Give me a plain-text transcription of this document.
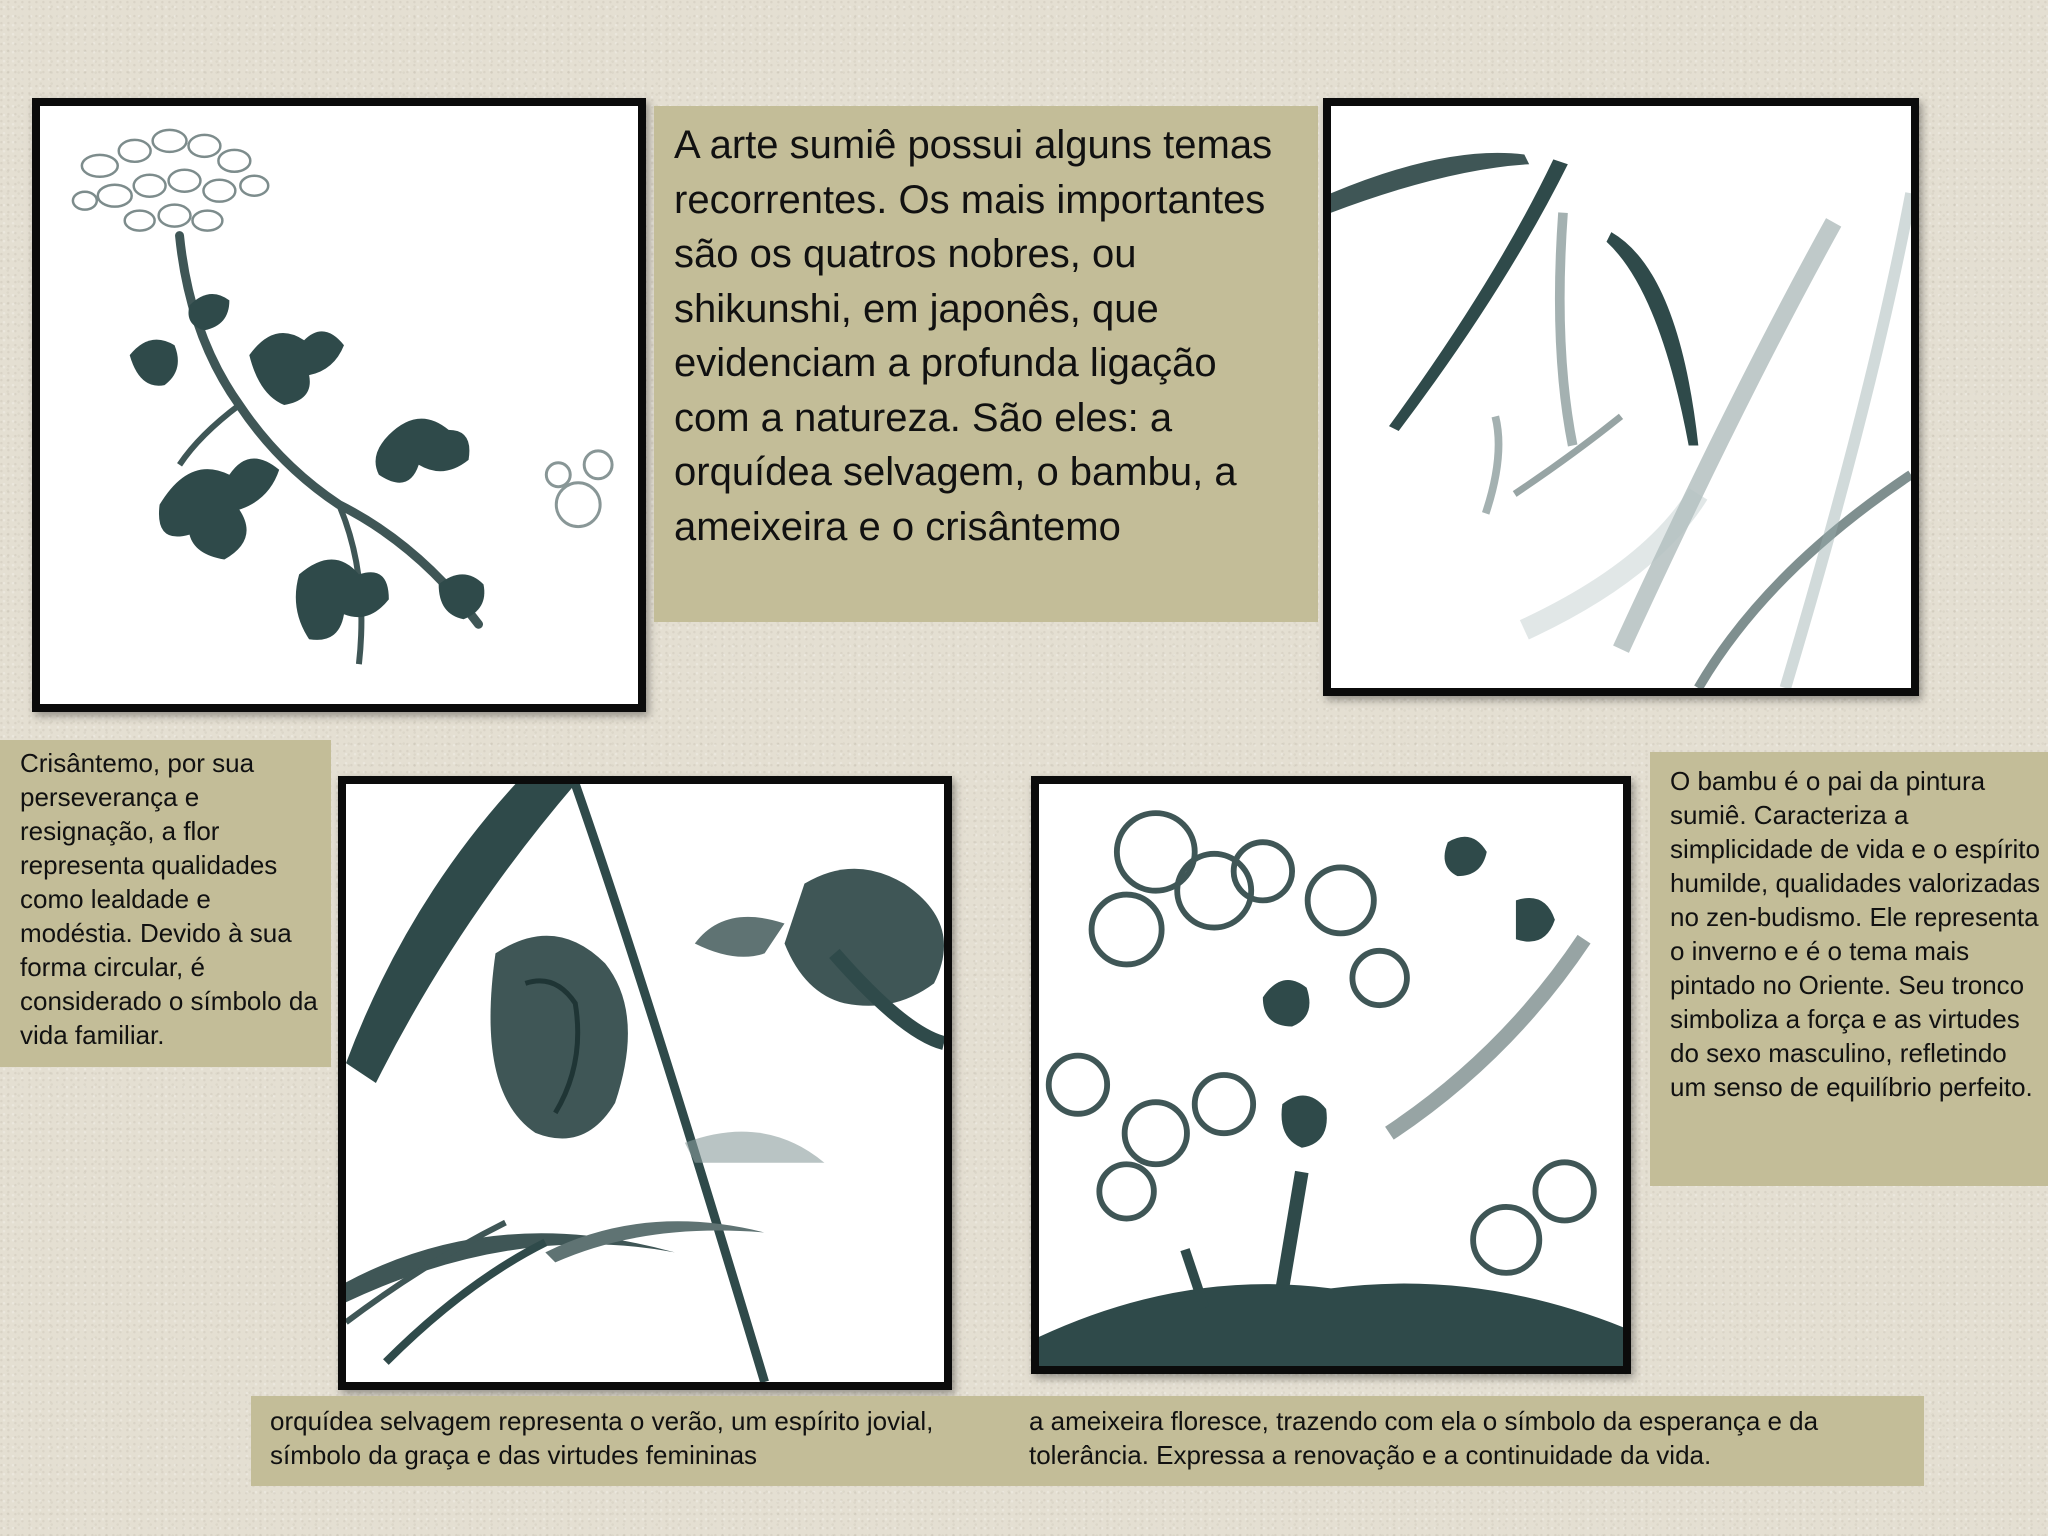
A arte sumiê possui alguns temas recorrentes. Os mais importantes são os quatros nobres, ou shikunshi, em japonês, que evidenciam a profunda ligação com a natureza. São eles: a orquídea selvagem, o bambu, a ameixeira e o crisântemo
Crisântemo, por sua perseverança e resignação, a flor representa qualidades como lealdade e modéstia. Devido à sua forma circular, é considerado o símbolo da vida familiar.
O bambu é o pai da pintura sumiê. Caracteriza a simplicidade de vida e o espírito humilde, qualidades valorizadas no zen-budismo. Ele representa o inverno e é o tema mais pintado no Oriente. Seu tronco simboliza a força e as virtudes do sexo masculino, refletindo um senso de equilíbrio perfeito.
orquídea selvagem representa o verão, um espírito jovial, símbolo da graça e das virtudes femininas
a ameixeira floresce, trazendo com ela o símbolo da esperança e da tolerância. Expressa a renovação e a continuidade da vida.
